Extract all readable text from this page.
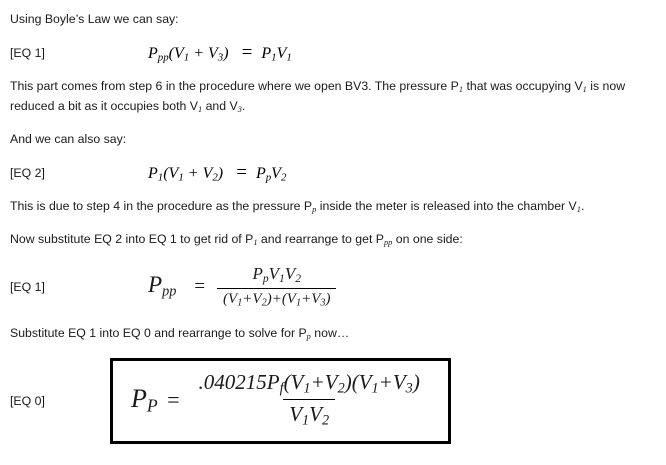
Using Boyle’s Law we can say:

[EQ 1]	$P_{pp}(V_1 + V_3) = P_1V_1$

This part comes from step 6 in the procedure where we open BV3. The pressure $P_1$ that was occupying $V_1$ is now reduced a bit as it occupies both $V_1$ and $V_3$.

And we can also say:

[EQ 2]	$P_1(V_1 + V_2) = P_pV_2$

This is due to step 4 in the procedure as the pressure $P_p$ inside the meter is released into the chamber $V_1$.

Now substitute EQ 2 into EQ 1 to get rid of $P_1$ and rearrange to get $P_{pp}$ on one side:

[EQ 1]	$P_{pp} = \frac{P_pV_1V_2}{(V_1+V_2)+(V_1+V_3)}$

Substitute EQ 1 into EQ 0 and rearrange to solve for $P_p$ now…

[EQ 0]	$P_P = \frac{.040215P_f(V_1+V_2)(V_1+V_3)}{V_1V_2}$
